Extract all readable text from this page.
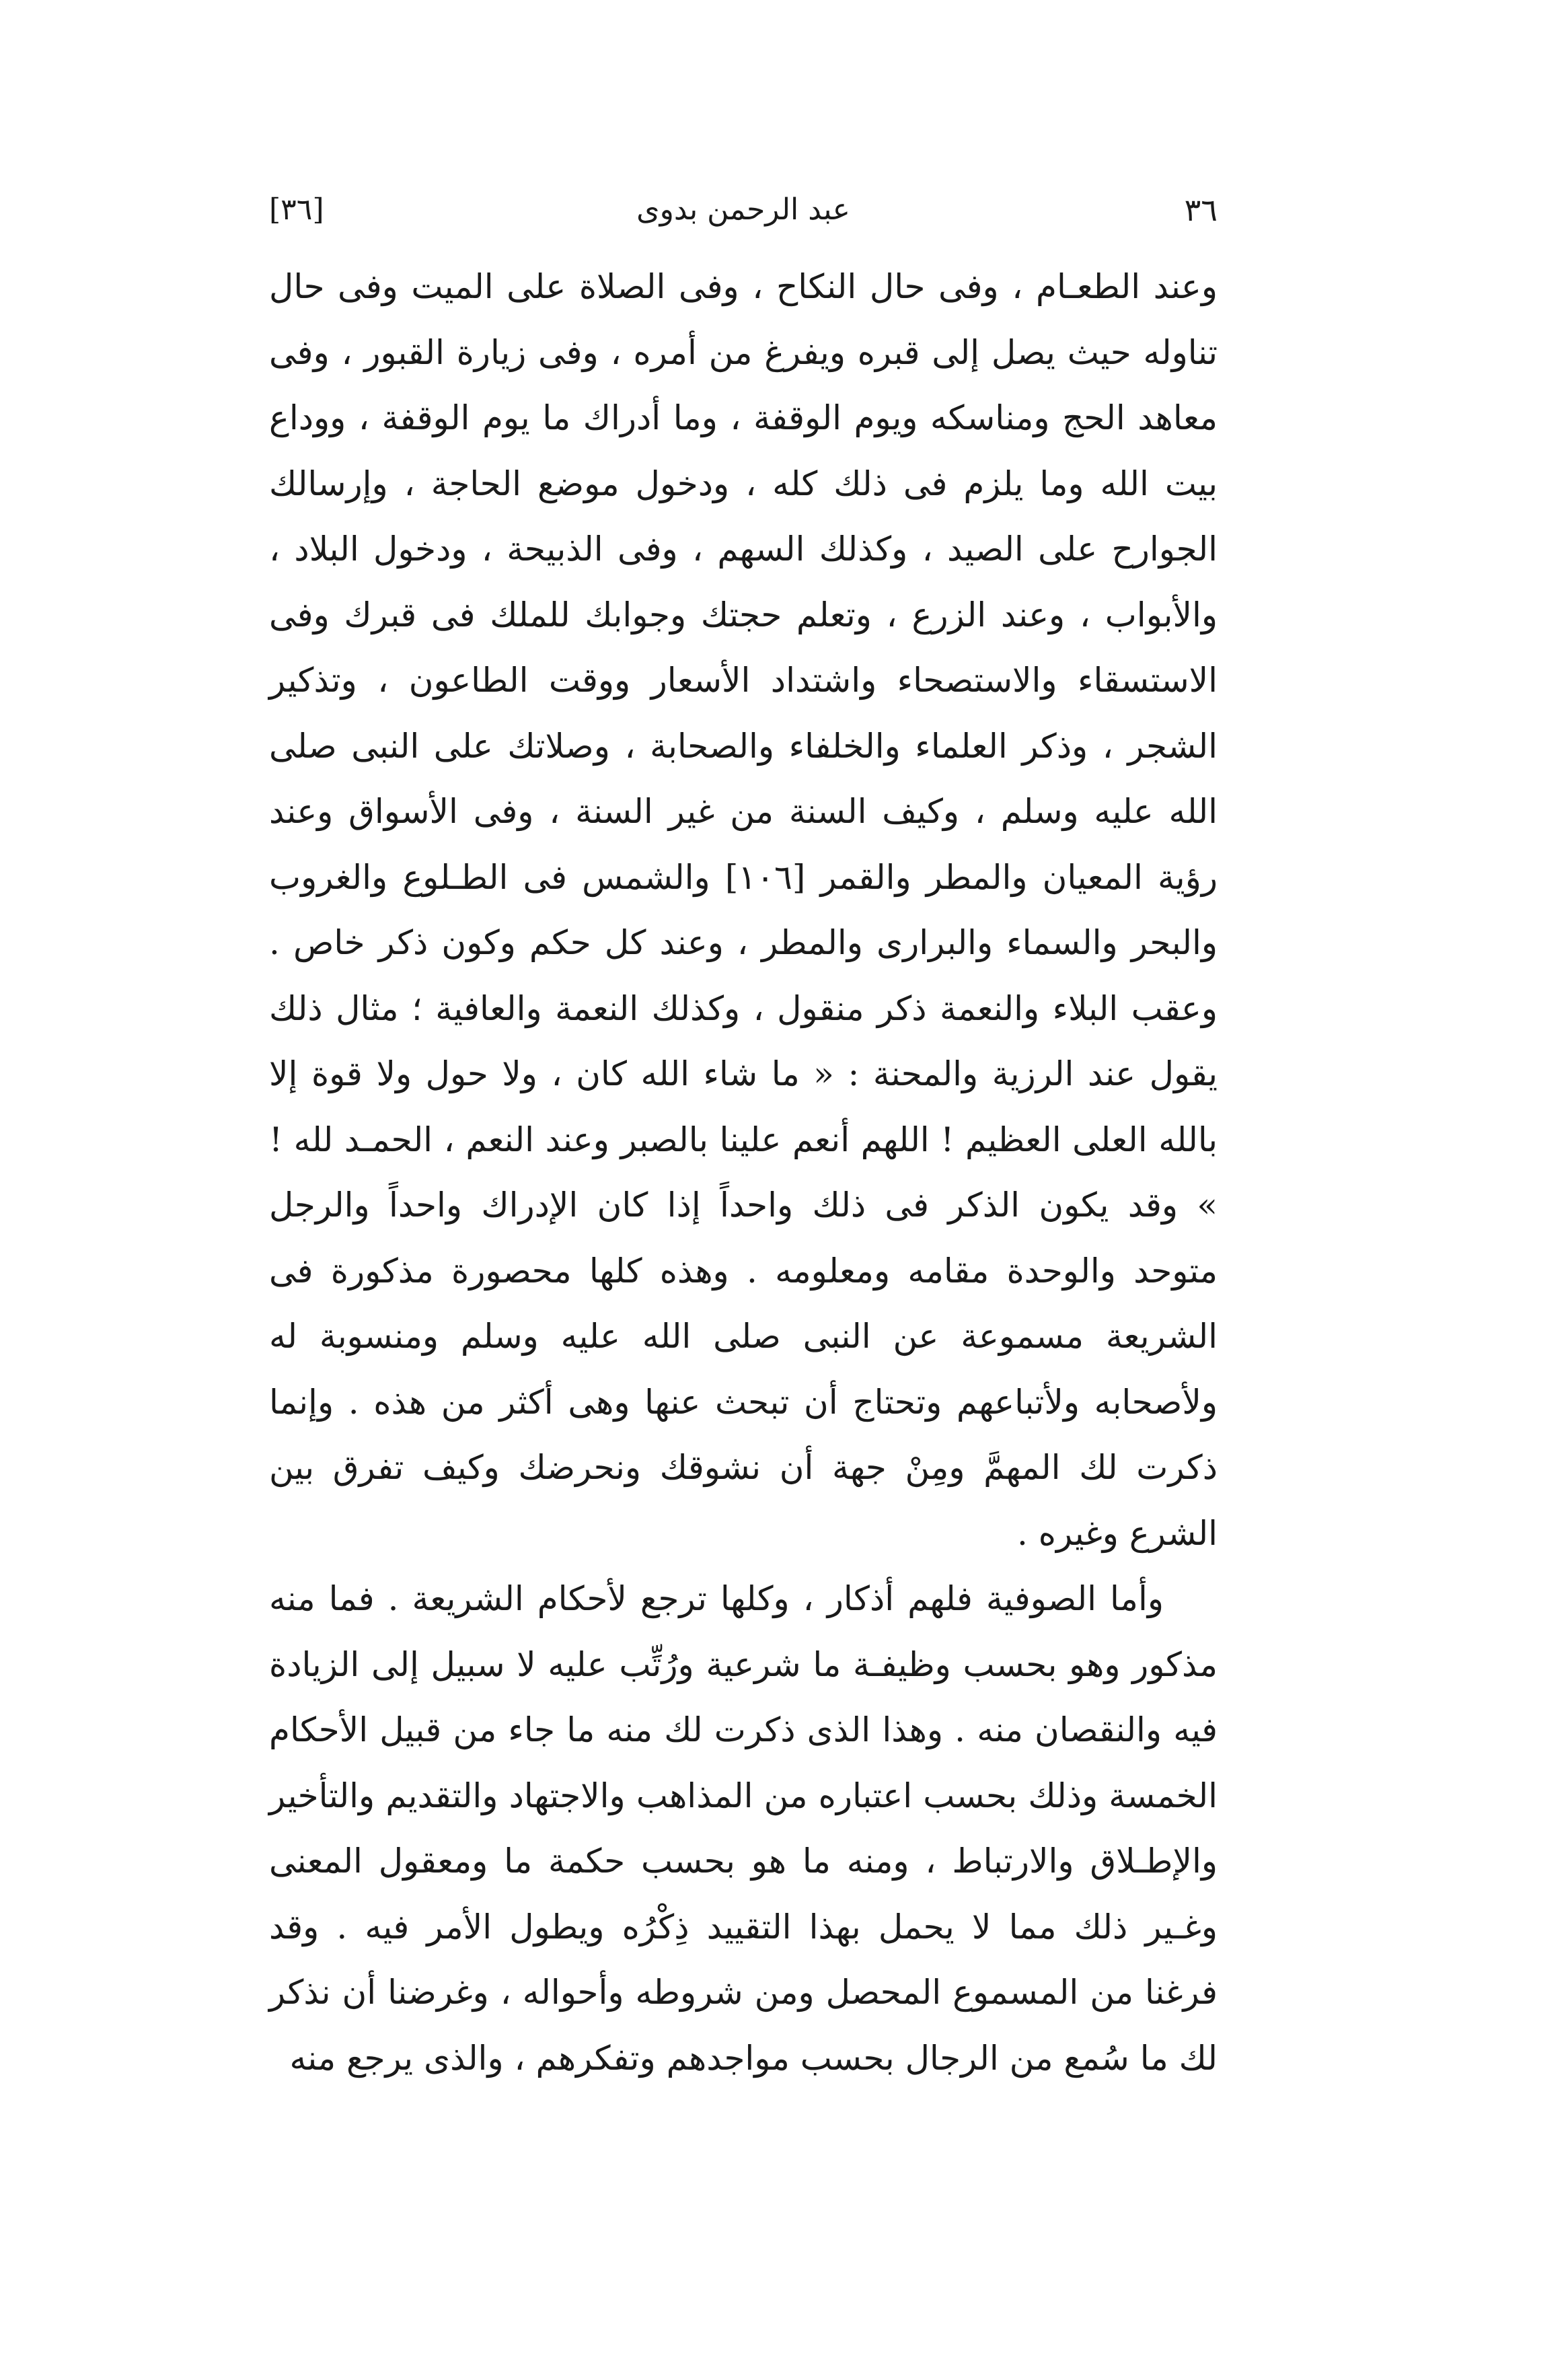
٣٦
عبد الرحمن بدوى
[٣٦]

وعند الطعـام ، وفى حال النكاح ، وفى الصلاة على الميت وفى حال تناوله حيث يصل إلى قبره ويفرغ من أمره ، وفى زيارة القبور ، وفى معاهد الحج ومناسكه ويوم الوقفة ، وما أدراك ما يوم الوقفة ، ووداع بيت الله وما يلزم فى ذلك كله ، ودخول موضع الحاجة ، وإرسالك الجوارح على الصيد ، وكذلك السهم ، وفى الذبيحة ، ودخول البلاد ، والأبواب ، وعند الزرع ، وتعلم حجتك وجوابك للملك فى قبرك وفى الاستسقاء والاستصحاء واشتداد الأسعار ووقت الطاعون ، وتذكير الشجر ، وذكر العلماء والخلفاء والصحابة ، وصلاتك على النبى صلى الله عليه وسلم ، وكيف السنة من غير السنة ، وفى الأسواق وعند رؤية المعيان والمطر والقمر [١٠٦] والشمس فى الطـلوع والغروب والبحر والسماء والبرارى والمطر ، وعند كل حكم وكون ذكر خاص . وعقب البلاء والنعمة ذكر منقول ، وكذلك النعمة والعافية ؛ مثال ذلك يقول عند الرزية والمحنة : « ما شاء الله كان ، ولا حول ولا قوة إلا بالله العلى العظيم ! اللهم أنعم علينا بالصبر وعند النعم ، الحمـد لله ! » وقد يكون الذكر فى ذلك واحداً إذا كان الإدراك واحداً والرجل متوحد والوحدة مقامه ومعلومه . وهذه كلها محصورة مذكورة فى الشريعة مسموعة عن النبى صلى الله عليه وسلم ومنسوبة له ولأصحابه ولأتباعهم وتحتاج أن تبحث عنها وهى أكثر من هذه . وإنما ذكرت لك المهمَّ ومِنْ جهة أن نشوقك ونحرضك وكيف تفرق بين الشرع وغيره .

وأما الصوفية فلهم أذكار ، وكلها ترجع لأحكام الشريعة . فما منه مذكور وهو بحسب وظيفـة ما شرعية ورُتِّب عليه لا سبيل إلى الزيادة فيه والنقصان منه . وهذا الذى ذكرت لك منه ما جاء من قبيل الأحكام الخمسة وذلك بحسب اعتباره من المذاهب والاجتهاد والتقديم والتأخير والإطـلاق والارتباط ، ومنه ما هو بحسب حكمة ما ومعقول المعنى وغـير ذلك مما لا يحمل بهذا التقييد ذِكْرُه ويطول الأمر فيه . وقد فرغنا من المسموع المحصل ومن شروطه وأحواله ، وغرضنا أن نذكر لك ما سُمع من الرجال بحسب مواجدهم وتفكرهم ، والذى يرجع منه
